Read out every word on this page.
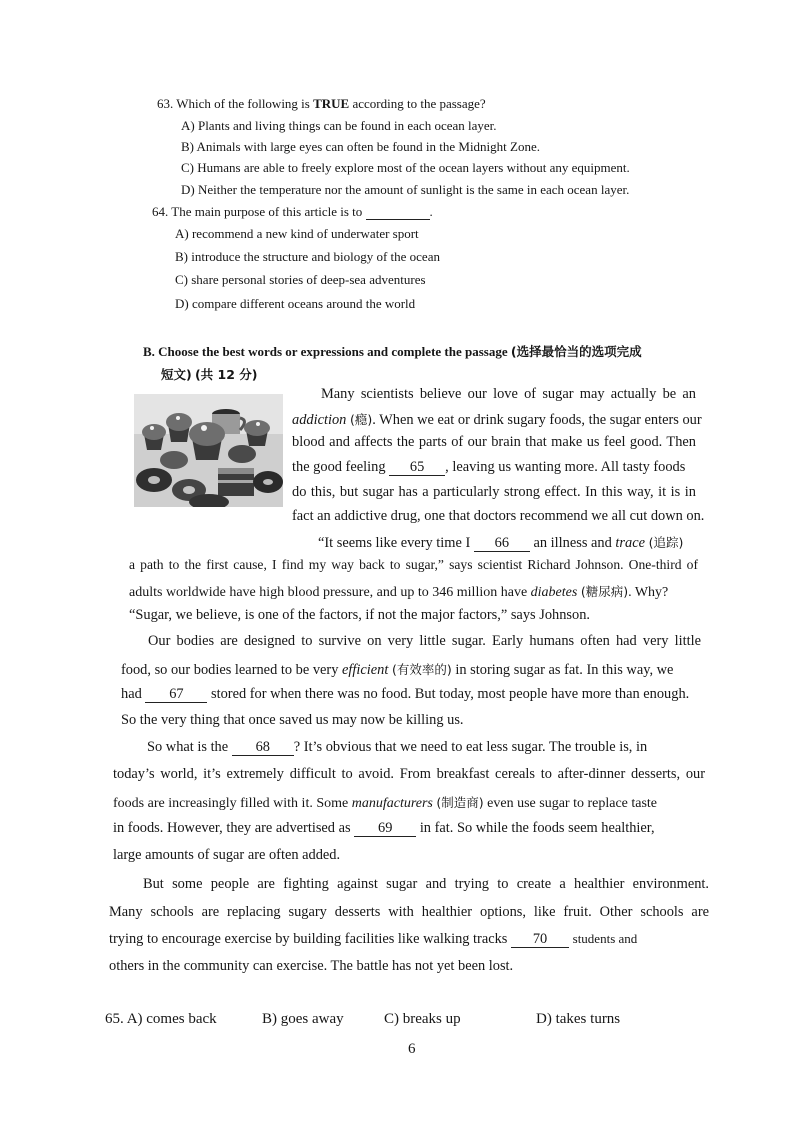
63. Which of the following is TRUE according to the passage?
A) Plants and living things can be found in each ocean layer.
B) Animals with large eyes can often be found in the Midnight Zone.
C) Humans are able to freely explore most of the ocean layers without any equipment.
D) Neither the temperature nor the amount of sunlight is the same in each ocean layer.
64. The main purpose of this article is to	.
A) recommend a new kind of underwater sport
B) introduce the structure and biology of the ocean
C) share personal stories of deep-sea adventures
D) compare different oceans around the world
B. Choose the best words or expressions and complete the passage (选择最恰当的选项完成
短文) (共 12 分)
Many scientists believe our love of sugar may actually be an
addiction (瘾). When we eat or drink sugary foods, the sugar enters our
blood and affects the parts of our brain that make us feel good. Then
the good feeling 65 , leaving us wanting more. All tasty foods
do this, but sugar has a particularly strong effect. In this way, it is in
fact an addictive drug, one that doctors recommend we all cut down on.
“It seems like every time I 66 an illness and trace (追踪)
a path to the first cause, I find my way back to sugar,” says scientist Richard Johnson. One-third of
adults worldwide have high blood pressure, and up to 346 million have diabetes (糖尿病). Why?
“Sugar, we believe, is one of the factors, if not the major factors,” says Johnson.
Our bodies are designed to survive on very little sugar. Early humans often had very little
food, so our bodies learned to be very efficient (有效率的) in storing sugar as fat. In this way, we
had 67 stored for when there was no food. But today, most people have more than enough.
So the very thing that once saved us may now be killing us.
So what is the 68 ? It’s obvious that we need to eat less sugar. The trouble is, in
today’s world, it’s extremely difficult to avoid. From breakfast cereals to after-dinner desserts, our
foods are increasingly filled with it. Some manufacturers (制造商) even use sugar to replace taste
in foods. However, they are advertised as 69 in fat. So while the foods seem healthier,
large amounts of sugar are often added.
But some people are fighting against sugar and trying to create a healthier environment.
Many schools are replacing sugary desserts with healthier options, like fruit. Other schools are
trying to encourage exercise by building facilities like walking tracks 70 students and
others in the community can exercise. The battle has not yet been lost.
65. A) comes back	B) goes away	C) breaks up	D) takes turns
6
